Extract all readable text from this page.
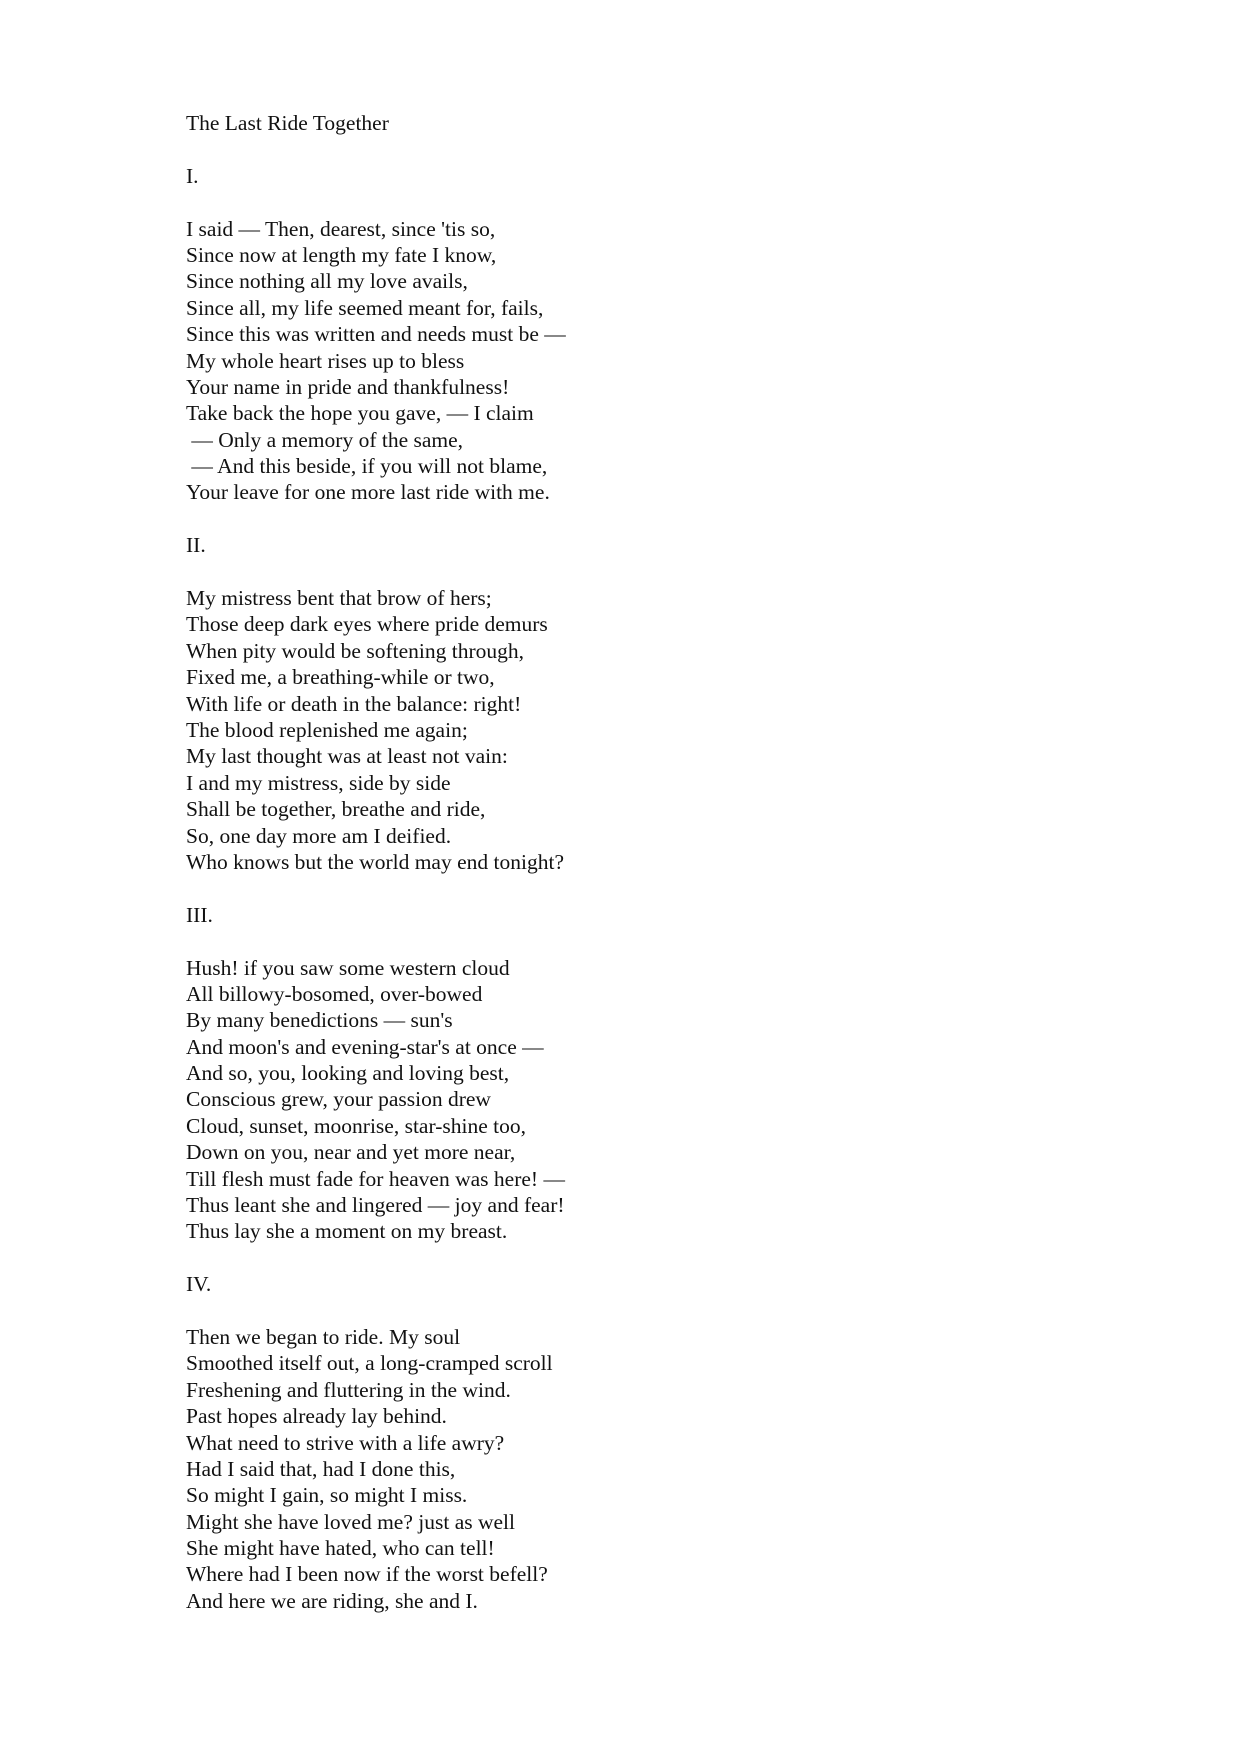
The Last Ride Together
I.
I said — Then, dearest, since 'tis so,
Since now at length my fate I know,
Since nothing all my love avails,
Since all, my life seemed meant for, fails,
Since this was written and needs must be —
My whole heart rises up to bless
Your name in pride and thankfulness!
Take back the hope you gave, — I claim
— Only a memory of the same,
— And this beside, if you will not blame,
Your leave for one more last ride with me.
II.
My mistress bent that brow of hers;
Those deep dark eyes where pride demurs
When pity would be softening through,
Fixed me, a breathing-while or two,
With life or death in the balance: right!
The blood replenished me again;
My last thought was at least not vain:
I and my mistress, side by side
Shall be together, breathe and ride,
So, one day more am I deified.
Who knows but the world may end tonight?
III.
Hush! if you saw some western cloud
All billowy-bosomed, over-bowed
By many benedictions — sun's
And moon's and evening-star's at once —
And so, you, looking and loving best,
Conscious grew, your passion drew
Cloud, sunset, moonrise, star-shine too,
Down on you, near and yet more near,
Till flesh must fade for heaven was here! —
Thus leant she and lingered — joy and fear!
Thus lay she a moment on my breast.
IV.
Then we began to ride. My soul
Smoothed itself out, a long-cramped scroll
Freshening and fluttering in the wind.
Past hopes already lay behind.
What need to strive with a life awry?
Had I said that, had I done this,
So might I gain, so might I miss.
Might she have loved me? just as well
She might have hated, who can tell!
Where had I been now if the worst befell?
And here we are riding, she and I.
